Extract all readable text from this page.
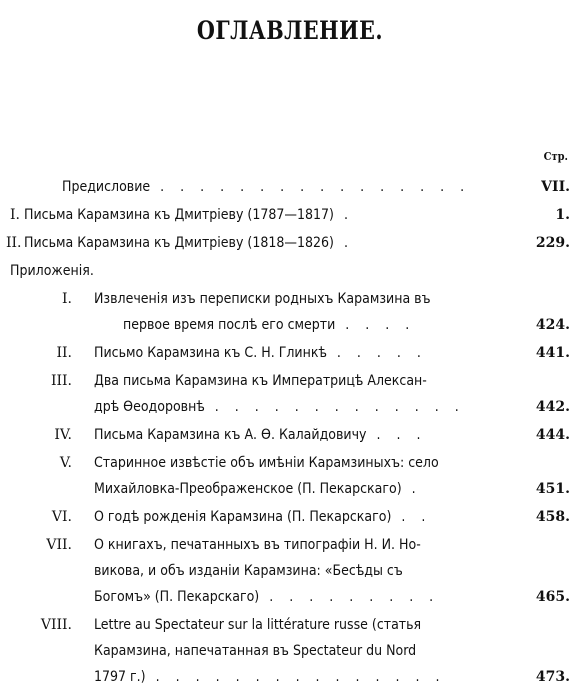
ОГЛАВЛЕНИЕ.
Стр.
Предисловие . . . . . . . . . . . . . . . .	VII.
I. Письма Карамзина къ Дмитріеву (1787—1817) .	1.
II. Письма Карамзина къ Дмитріеву (1818—1826) .	229.
Приложенія.
I. Извлеченія изъ переписки родныхъ Карамзина въ
первое время послѣ его смерти . . . .	424.
II. Письмо Карамзина къ С. Н. Глинкѣ . . . . .	441.
III. Два письма Карамзина къ Императрицѣ Алексан-
дрѣ Ѳеодоровнѣ . . . . . . . . . . . . .	442.
IV. Письма Карамзина къ А. Ѳ. Калайдовичу . . .	444.
V. Старинное извѣстіе объ имѣніи Карамзиныхъ: село
Михайловка-Преображенское (П. Пекарскаго) .	451.
VI. О годѣ рожденія Карамзина (П. Пекарскаго) . .	458.
VII. О книгахъ, печатанныхъ въ типографіи Н. И. Но-
викова, и объ изданіи Карамзина: «Бесѣды съ
Богомъ» (П. Пекарскаго) . . . . . . . . .	465.
VIII. Lettre au Spectateur sur la littérature russe (статья
Карамзина, напечатанная въ Spectateur du Nord
1797 г.) . . . . . . . . . . . . . . .	473.
